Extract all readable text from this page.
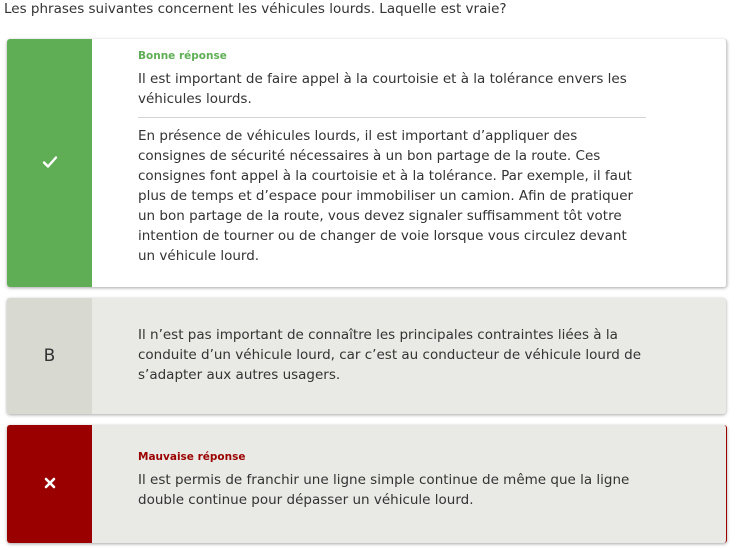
Les phrases suivantes concernent les véhicules lourds. Laquelle est vraie?
Bonne réponse
Il est important de faire appel à la courtoisie et à la tolérance envers les véhicules lourds.
En présence de véhicules lourds, il est important d’appliquer des consignes de sécurité nécessaires à un bon partage de la route. Ces consignes font appel à la courtoisie et à la tolérance. Par exemple, il faut plus de temps et d’espace pour immobiliser un camion. Afin de pratiquer un bon partage de la route, vous devez signaler suffisamment tôt votre intention de tourner ou de changer de voie lorsque vous circulez devant un véhicule lourd.
B
Il n’est pas important de connaître les principales contraintes liées à la conduite d’un véhicule lourd, car c’est au conducteur de véhicule lourd de s’adapter aux autres usagers.
Mauvaise réponse
Il est permis de franchir une ligne simple continue de même que la ligne double continue pour dépasser un véhicule lourd.
